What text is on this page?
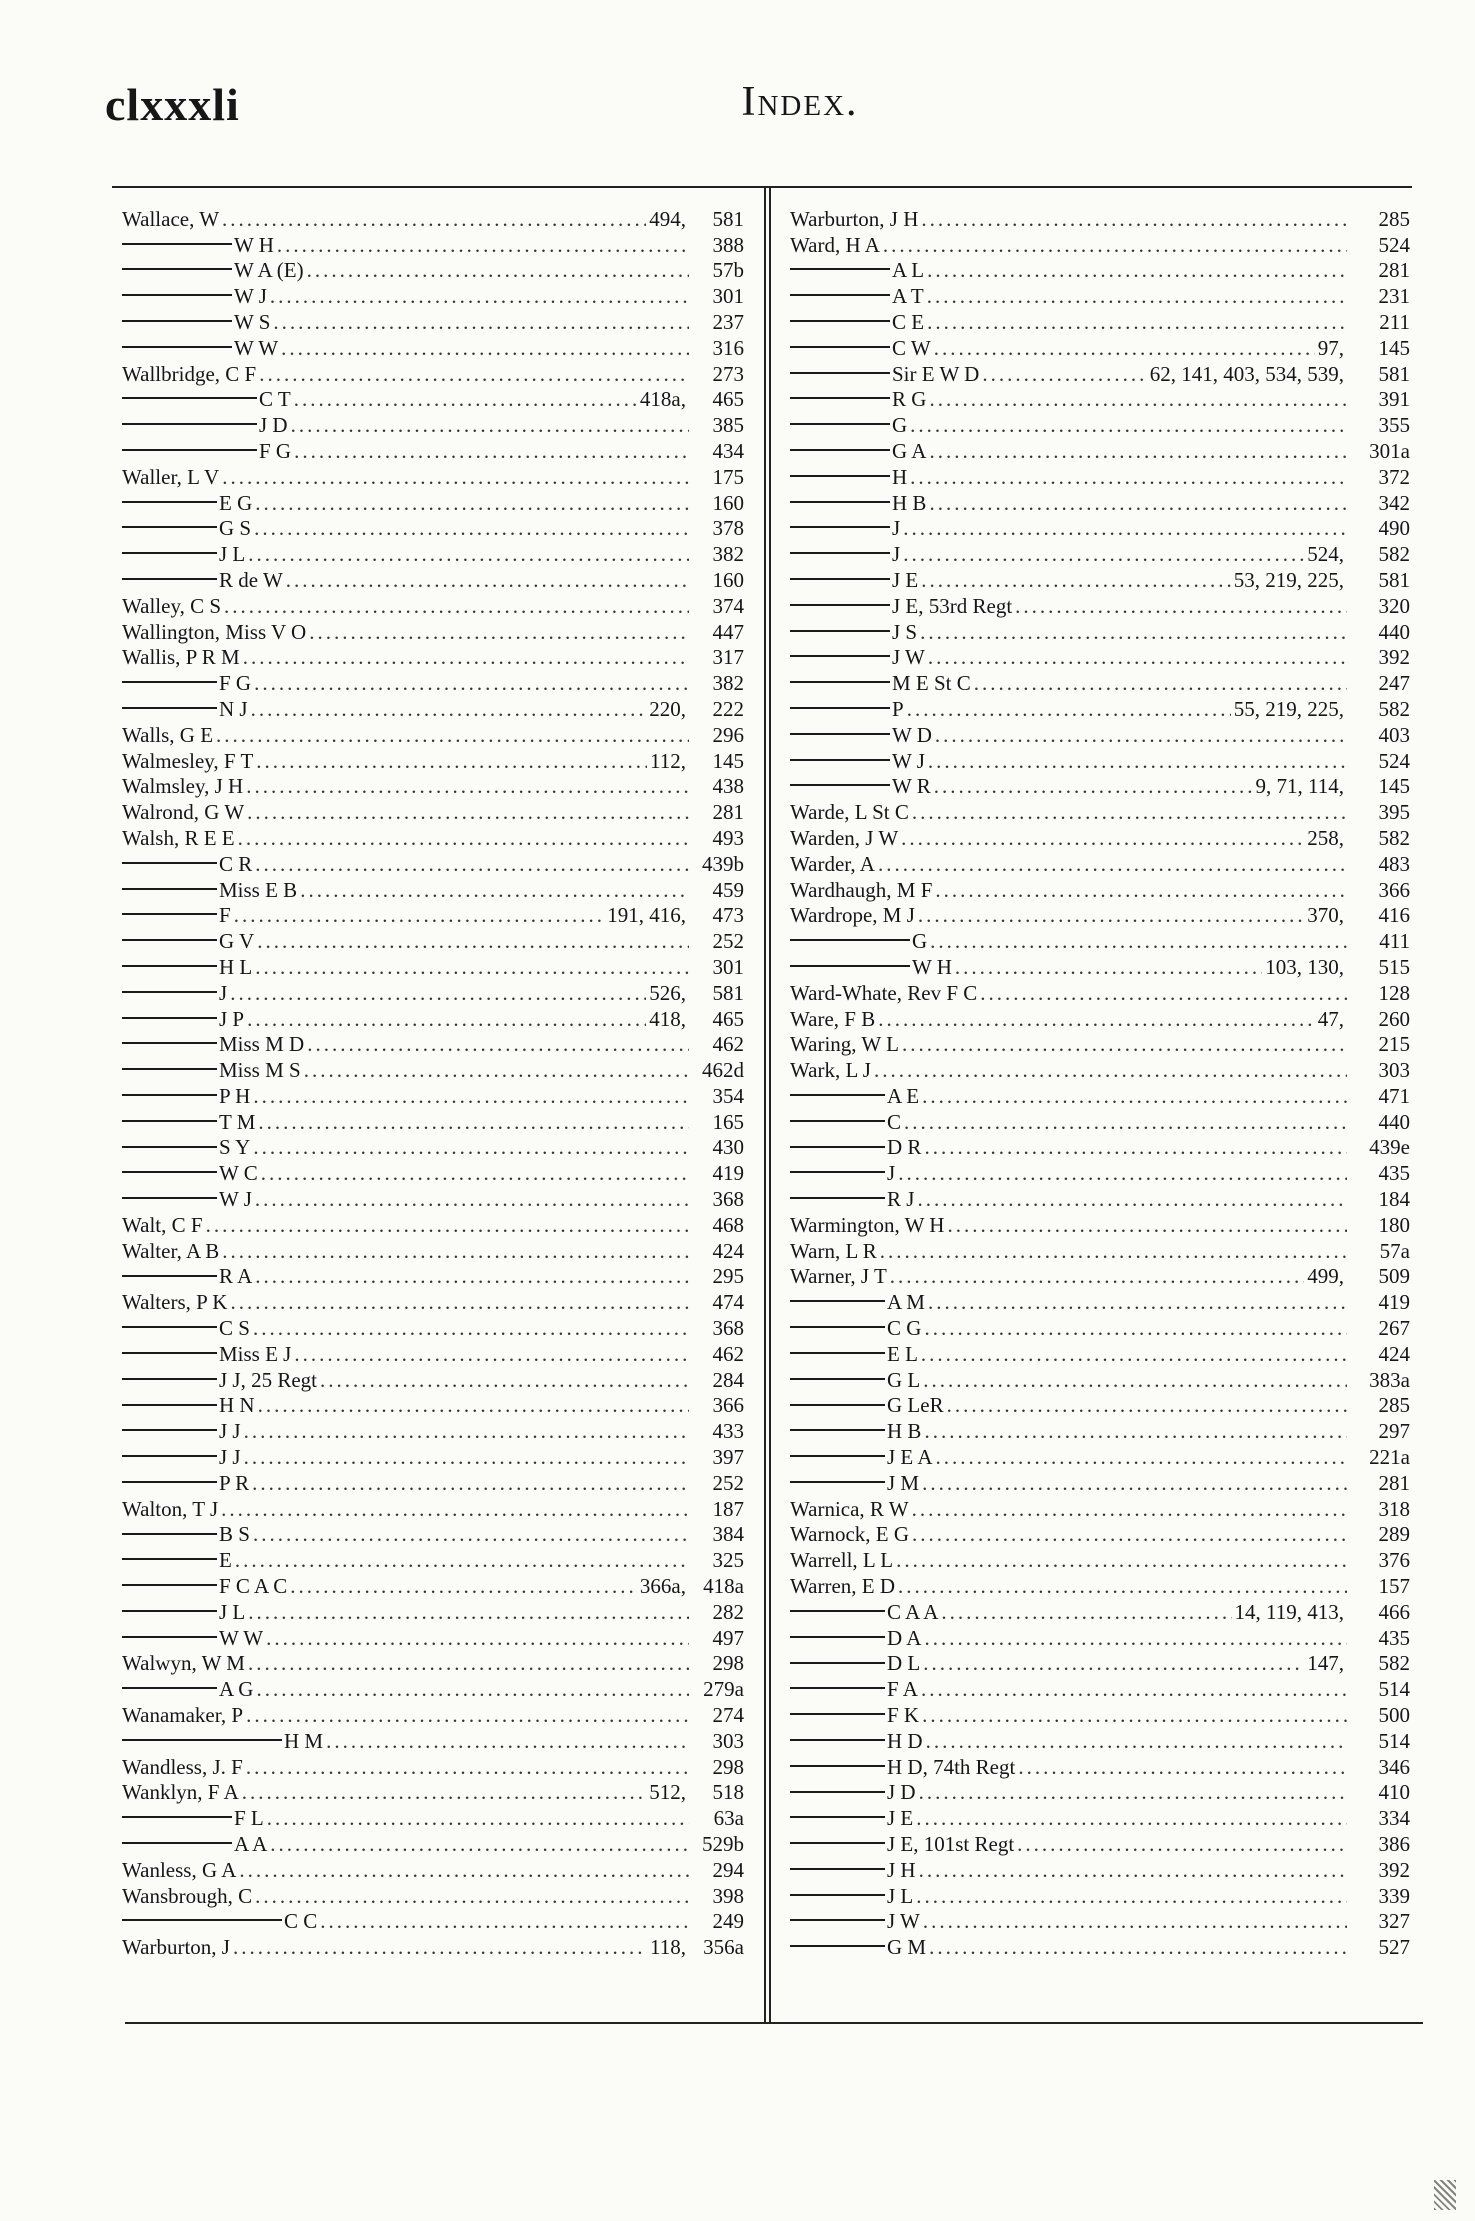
clxxxli	Index.
Wallace, W .....	494,	581
W H .....	388
W A (E) .....	57b
W J .....	301
W S .....	237
W W .....	316
Wallbridge, C F .....	273
C T .....	418a,	465
J D .....	385
F G .....	434
Waller, L V .....	175
E G .....	160
G S .....	378
J L .....	382
R de W .....	160
Walley, C S .....	374
Wallington, Miss V O .....	447
Wallis, P R M .....	317
F G .....	382
N J .....	220,	222
Walls, G E .....	296
Walmesley, F T .....	112,	145
Walmsley, J H .....	438
Walrond, G W .....	281
Walsh, R E E .....	493
C R .....	439b
Miss E B .....	459
F .....	191, 416,	473
G V .....	252
H L .....	301
J .....	526,	581
J P .....	418,	465
Miss M D .....	462
Miss M S .....	462d
P H .....	354
T M .....	165
S Y .....	430
W C .....	419
W J .....	368
Walt, C F .....	468
Walter, A B .....	424
R A .....	295
Walters, P K .....	474
C S .....	368
Miss E J .....	462
J J, 25 Regt .....	284
H N .....	366
J J .....	433
J J .....	397
P R .....	252
Walton, T J .....	187
B S .....	384
E .....	325
F C A C .....	366a, 418a
J L .....	282
W W .....	497
Walwyn, W M .....	298
A G .....	279a
Wanamaker, P .....	274
H M .....	303
Wandless, J. F .....	298
Wanklyn, F A .....	512,	518
F L .....	63a
A A .....	529b
Wanless, G A .....	294
Wansbrough, C .....	398
C C .....	249
Warburton, J .....	118, 356a
Warburton, J H .....	285
Ward, H A .....	524
A L .....	281
A T .....	231
C E .....	211
C W .....	97,	145
Sir E W D .....	62, 141, 403, 534, 539,	581
R G .....	391
G .....	355
G A .....	301a
H .....	372
H B .....	342
J .....	490
J .....	524,	582
J E .....	53, 219, 225,	581
J E, 53rd Regt .....	320
J S .....	440
J W .....	392
M E St C .....	247
P .....	55, 219, 225,	582
W D .....	403
W J .....	524
W R .....	9, 71, 114,	145
Warde, L St C .....	395
Warden, J W .....	258,	582
Warder, A .....	483
Wardhaugh, M F .....	366
Wardrope, M J .....	370,	416
G .....	411
W H .....	103, 130,	515
Ward-Whate, Rev F C .....	128
Ware, F B .....	47,	260
Waring, W L .....	215
Wark, L J .....	303
A E .....	471
C .....	440
D R .....	439e
J .....	435
R J .....	184
Warmington, W H .....	180
Warn, L R .....	57a
Warner, J T .....	499,	509
A M .....	419
C G .....	267
E L .....	424
G L .....	383a
G LeR .....	285
H B .....	297
J E A .....	221a
J M .....	281
Warnica, R W .....	318
Warnock, E G .....	289
Warrell, L L .....	376
Warren, E D .....	157
C A A .....	14, 119, 413,	466
D A .....	435
D L .....	147,	582
F A .....	514
F K .....	500
H D .....	514
H D, 74th Regt .....	346
J D .....	410
J E .....	334
J E, 101st Regt .....	386
J H .....	392
J L .....	339
J W .....	327
G M .....	527
